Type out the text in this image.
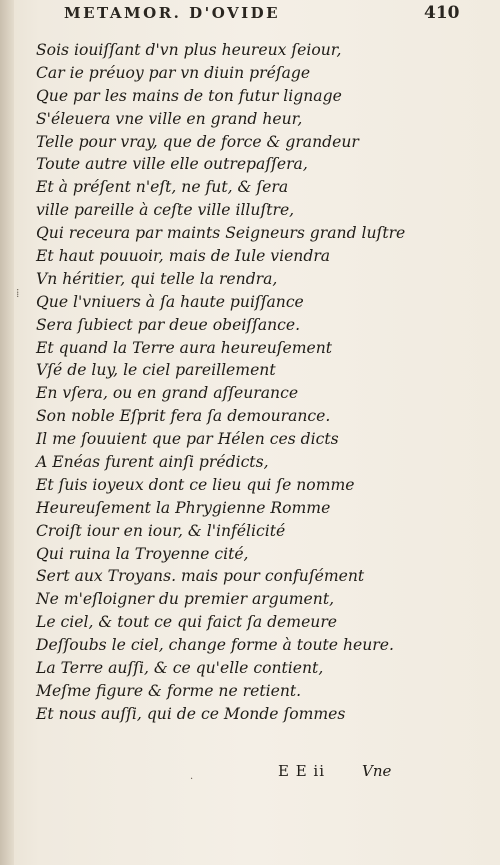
METAMOR. D'OVIDE	410
Sois iouiſſant d'vn plus heureux ſeiour,
Car ie préuoy par vn diuin préſage
Que par les mains de ton futur lignage
S'éleuera vne ville en grand heur,
Telle pour vray, que de force & grandeur
Toute autre ville elle outrepaſſera,
Et à préſent n'eſt, ne fut, & ſera
ville pareille à ceſte ville illuſtre,
Qui receura par maints Seigneurs grand luſtre
Et haut pouuoir, mais de Iule viendra
Vn héritier, qui telle la rendra,
Que l'vniuers à ſa haute puiſſance
Sera ſubiect par deue obeiſſance.
Et quand la Terre aura heureuſement
Vſé de luy, le ciel pareillement
En vſera, ou en grand aſſeurance
Son noble Eſprit fera ſa demourance.
Il me ſouuient que par Hélen ces dicts
A Enéas furent ainſi prédicts,
Et ſuis ioyeux dont ce lieu qui ſe nomme
Heureuſement la Phrygienne Romme
Croiſt iour en iour, & l'infélicité
Qui ruina la Troyenne cité,
Sert aux Troyans. mais pour confuſément
Ne m'eſloigner du premier argument,
Le ciel, & tout ce qui faict ſa demeure
Deſſoubs le ciel, change forme à toute heure.
La Terre auſſi, & ce qu'elle contient,
Meſme figure & forme ne retient.
Et nous auſſi, qui de ce Monde ſommes
E E ii Vne
⁞
·
